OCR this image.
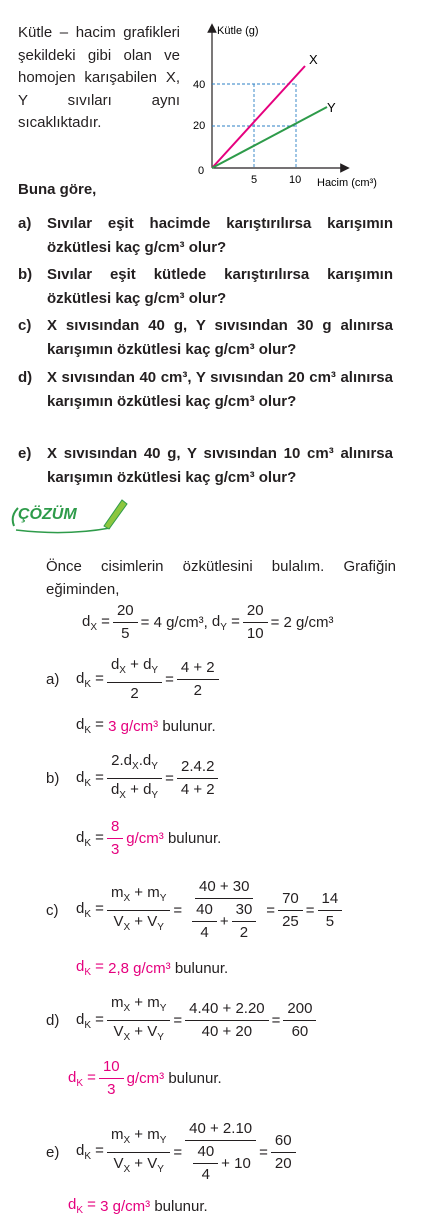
Kütle – hacim grafikleri şekildeki gibi olan ve homojen karışabilen X, Y sıvıları aynı sıcaklıktadır.
Kütle (g)
Hacim (cm³)
0
40
20
5	10
X
Y
Buna göre,
a)	Sıvılar eşit hacimde karıştırılırsa karışımın özkütlesi kaç g/cm³ olur?
b) Sıvılar eşit kütlede karıştırılırsa karışımın özkütlesi kaç g/cm³ olur?
c)	X sıvısından 40 g, Y sıvısından 30 g alınırsa karışımın özkütlesi kaç g/cm³ olur?
d) X sıvısından 40 cm³, Y sıvısından 20 cm³ alınırsa karışımın özkütlesi kaç g/cm³ olur?
e)	X sıvısından 40 g, Y sıvısından 10 cm³ alınırsa karışımın özkütlesi kaç g/cm³ olur?
ÇÖZÜM
Önce cisimlerin özkütlesini bulalım. Grafiğin eğiminden,
$d_X = \frac{20}{5} = 4$ g/cm³,
$d_Y = \frac{20}{10} = 2$ g/cm³
a)	$d_K = \frac{d_X + d_Y}{2} = \frac{4 + 2}{2}$
$d_K = 3$ g/cm³
bulunur.
b)	$d_K = \frac{2.d_X.d_Y}{d_X + d_Y} = \frac{2.4.2}{4 + 2}$
$d_K = \frac{8}{3} g/cm^3$
bulunur.
c)	$d_K = \frac{m_X + m_Y}{V_X + V_Y} = \frac{40 + 30}{\frac{40}{4} + \frac{30}{2}} = \frac{70}{25} = \frac{14}{5}$
$d_K = 2,8$ g/cm³
bulunur.
d)	$d_K = \frac{m_X + m_Y}{V_X + V_Y} = \frac{4.40 + 2.20}{40 + 20} = \frac{200}{60}$
$d_K = \frac{10}{3} g/cm^3$
bulunur.
e)	$d_K = \frac{m_X + m_Y}{V_X + V_Y} = \frac{40 + 2.10}{\frac{40}{4} + 10} = \frac{60}{20}$
$d_K = 3$ g/cm³
bulunur.
